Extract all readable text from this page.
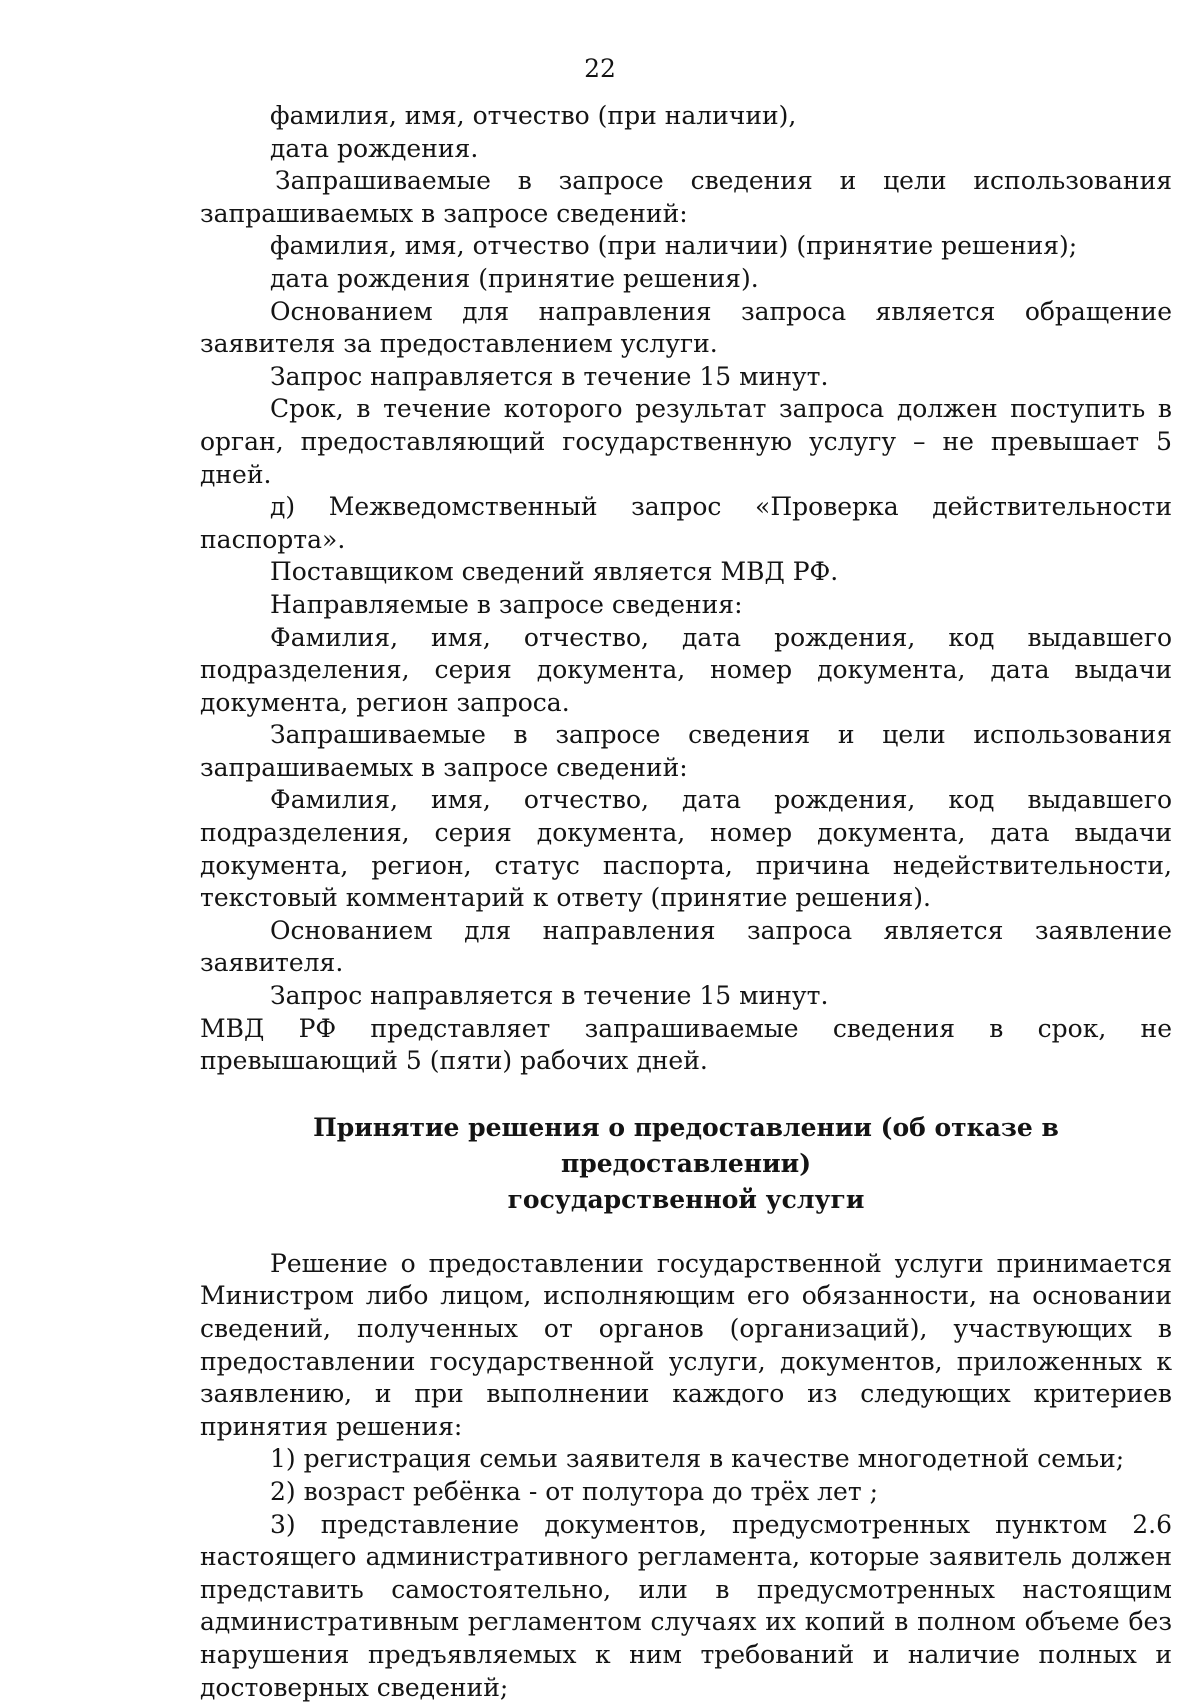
22

фамилия, имя, отчество (при наличии),

дата рождения.

Запрашиваемые в запросе сведения и цели использования запрашиваемых в запросе сведений:

фамилия, имя, отчество (при наличии) (принятие решения);

дата рождения (принятие решения).

Основанием для направления запроса является обращение заявителя за предоставлением услуги.

Запрос направляется в течение 15 минут.

Срок, в течение которого результат запроса должен поступить в орган, предоставляющий государственную услугу – не превышает 5 дней.

д) Межведомственный запрос «Проверка действительности паспорта».

Поставщиком сведений является МВД РФ.

Направляемые в запросе сведения:

Фамилия, имя, отчество, дата рождения, код выдавшего подразделения, серия документа, номер документа, дата выдачи документа, регион запроса.

Запрашиваемые в запросе сведения и цели использования запрашиваемых в запросе сведений:

Фамилия, имя, отчество, дата рождения, код выдавшего подразделения, серия документа, номер документа, дата выдачи документа, регион, статус паспорта, причина недействительности, текстовый комментарий к ответу (принятие решения).

Основанием для направления запроса является заявление заявителя.

Запрос направляется в течение 15 минут.

МВД РФ представляет запрашиваемые сведения в срок, не превышающий 5 (пяти) рабочих дней.

Принятие решения о предоставлении (об отказе в предоставлении)
государственной услуги

Решение о предоставлении государственной услуги принимается Министром либо лицом, исполняющим его обязанности, на основании сведений, полученных от органов (организаций), участвующих в предоставлении государственной услуги, документов, приложенных к заявлению, и при выполнении каждого из следующих критериев принятия решения:

1) регистрация семьи заявителя в качестве многодетной семьи;

2) возраст ребёнка - от полутора до трёх лет ;

3) представление документов, предусмотренных пунктом 2.6 настоящего административного регламента, которые заявитель должен представить самостоятельно, или в предусмотренных настоящим административным регламентом случаях их копий в полном объеме без нарушения предъявляемых к ним требований и наличие полных и достоверных сведений;
